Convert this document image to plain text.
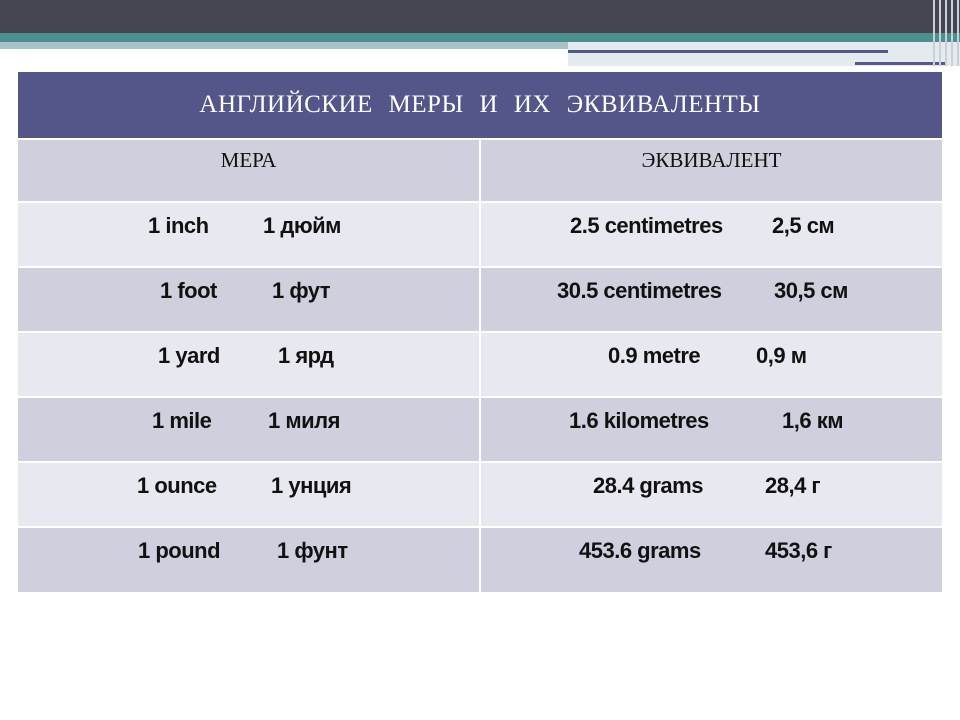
АНГЛИЙСКИЕ МЕРЫ И ИХ ЭКВИВАЛЕНТЫ	
МЕРА	ЭКВИВАЛЕНТ

1 inch 1 дюйм	2.5 centimetres 2,5 см

1 foot 1 фут	30.5 centimetres 30,5 см

1 yard 1 ярд	0.9 metre 0,9 м

1 mile 1 миля	1.6 kilometres 1,6 км

1 ounce 1 унция	28.4 grams 28,4 г

1 pound 1 фунт	453.6 grams 453,6 г
